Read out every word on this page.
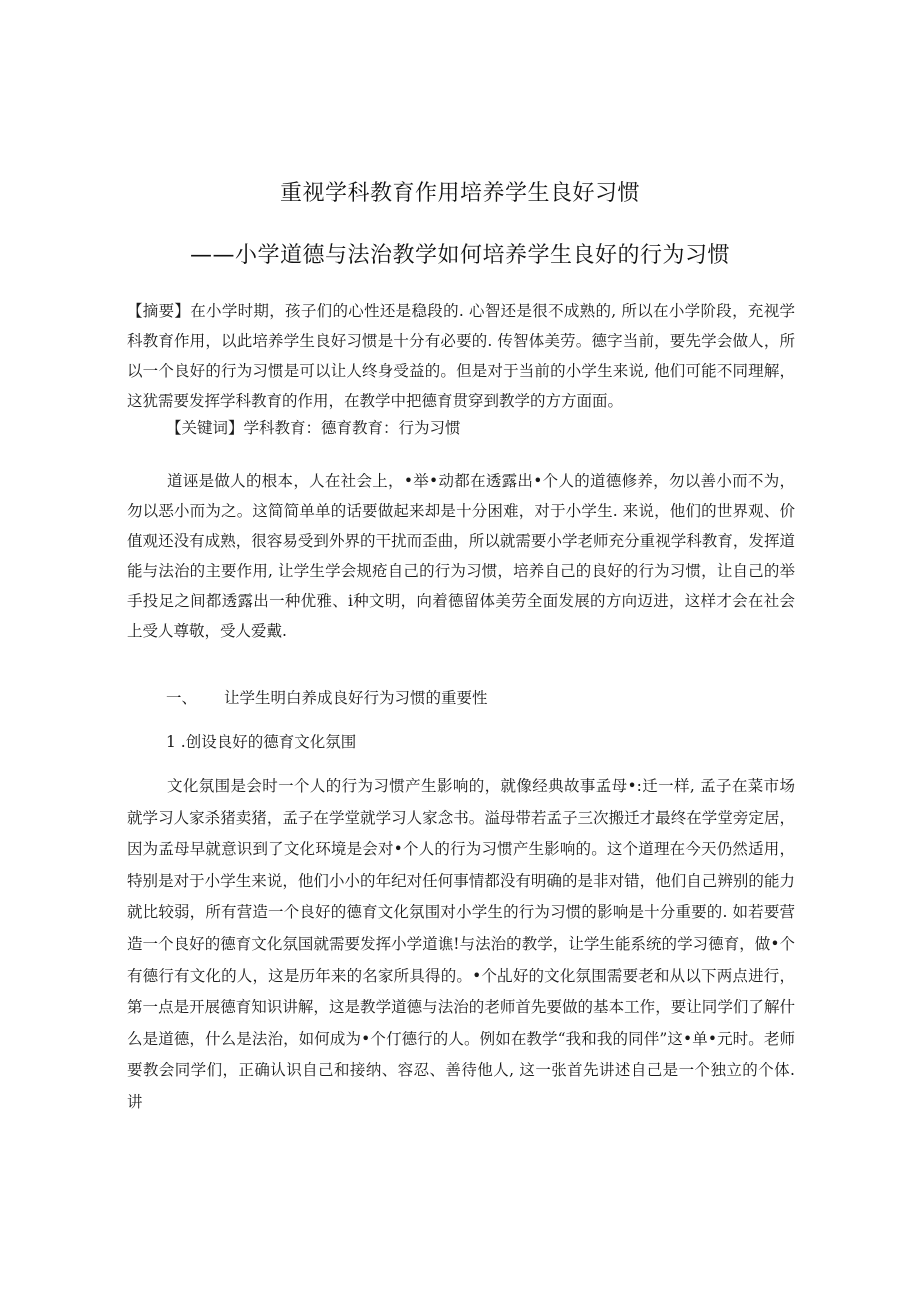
重视学科教育作用培养学生良好习惯
——小学道德与法治教学如何培养学生良好的行为习惯

【摘要】在小学时期，孩子们的心性还是稳段的. 心智还是很不成熟的, 所以在小学阶段，充视学科教育作用，以此培养学生良好习惯是十分有必要的. 传智体美劳。德字当前，要先学会做人，所以一个良好的行为习惯是可以让人终身受益的。但是对于当前的小学生来说, 他们可能不同理解，这犹需要发挥学科教育的作用，在教学中把德育贯穿到教学的方方面面。

【关键词】学科教育：德育教育：行为习惯

道诬是做人的根本，人在社会上，•举•动都在透露出•个人的道德修养，勿以善小而不为，勿以恶小而为之。这简简单单的话要做起来却是十分困难，对于小学生. 来说，他们的世界观、价值观还没有成熟，很容易受到外界的干扰而歪曲，所以就需要小学老师充分重视学科教育，发挥道能与法治的主要作用, 让学生学会规疮自己的行为习惯，培养自己的良好的行为习惯，让自己的举手投足之间都透露出一种优雅、i种文明，向着德留体美劳全面发展的方向迈进，这样才会在社会上受人尊敬，受人爱戴.

一、 让学生明白养成良好行为习惯的重要性
1 .创设良好的德育文化氛围

文化氛围是会时一个人的行为习惯产生影响的，就像经典故事孟母•:迁一样, 孟子在菜市场就学习人家杀猪卖猪，孟子在学堂就学习人家念书。溢母带若孟子三次搬迁才最终在学堂旁定居，因为孟母早就意识到了文化环境是会对•个人的行为习惯产生影响的。这个道理在今天仍然适用，特别是对于小学生来说，他们小小的年纪对任何事情都没有明确的是非对错，他们自己辨别的能力就比较弱，所有营造一个良好的德育文化氛围对小学生的行为习惯的影响是十分重要的. 如若要营造一个良好的德育文化氛国就需要发挥小学道谯!与法治的教学，让学生能系统的学习德育，做•个有德行有文化的人，这是历年来的名家所具得的。•个乩好的文化氛围需要老和从以下两点进行，第一点是开展德育知识讲解，这是教学道德与法治的老师首先要做的基本工作，要让同学们了解什么是道德，什么是法治，如何成为•个仃德行的人。例如在教学“我和我的同伴”这•单•元时。老师要教会同学们，正确认识自己和接纳、容忍、善待他人, 这一张首先讲述自己是一个独立的个体. 讲
